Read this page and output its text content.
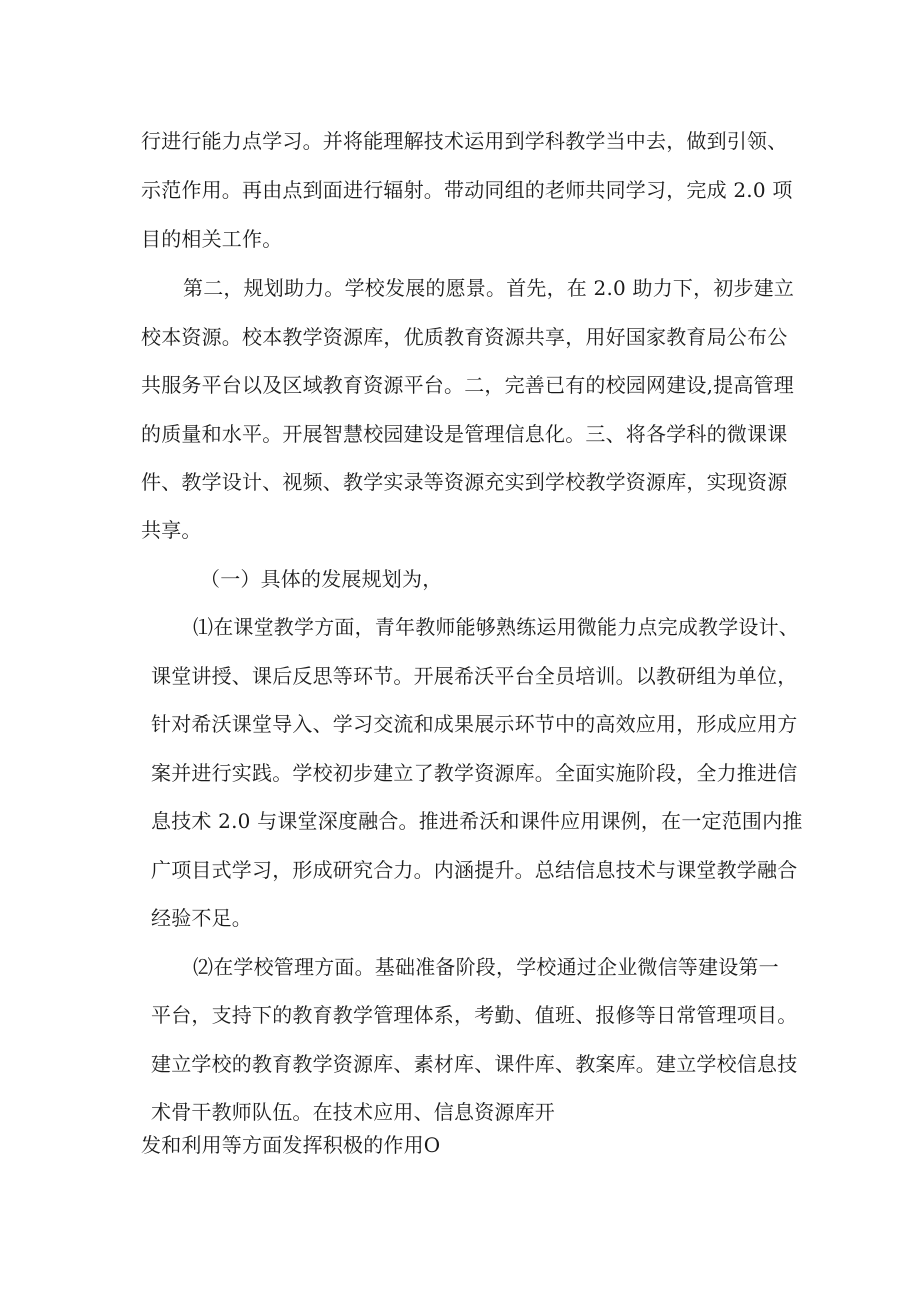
行进行能力点学习。并将能理解技术运用到学科教学当中去，做到引领、
示范作用。再由点到面进行辐射。带动同组的老师共同学习，完成 2.0 项
目的相关工作。
第二，规划助力。学校发展的愿景。首先，在 2.0 助力下，初步建立
校本资源。校本教学资源库，优质教育资源共享，用好国家教育局公布公
共服务平台以及区域教育资源平台。二，完善已有的校园网建设,提高管理
的质量和水平。开展智慧校园建设是管理信息化。三、将各学科的微课课
件、教学设计、视频、教学实录等资源充实到学校教学资源库，实现资源
共享。
（一）具体的发展规划为，
⑴在课堂教学方面，青年教师能够熟练运用微能力点完成教学设计、
课堂讲授、课后反思等环节。开展希沃平台全员培训。以教研组为单位，
针对希沃课堂导入、学习交流和成果展示环节中的高效应用，形成应用方
案并进行实践。学校初步建立了教学资源库。全面实施阶段，全力推进信
息技术 2.0 与课堂深度融合。推进希沃和课件应用课例，在一定范围内推
广项目式学习，形成研究合力。内涵提升。总结信息技术与课堂教学融合
经验不足。
⑵在学校管理方面。基础准备阶段，学校通过企业微信等建设第一
平台，支持下的教育教学管理体系，考勤、值班、报修等日常管理项目。
建立学校的教育教学资源库、素材库、课件库、教案库。建立学校信息技
术骨干教师队伍。在技术应用、信息资源库开
发和利用等方面发挥积极的作用O
